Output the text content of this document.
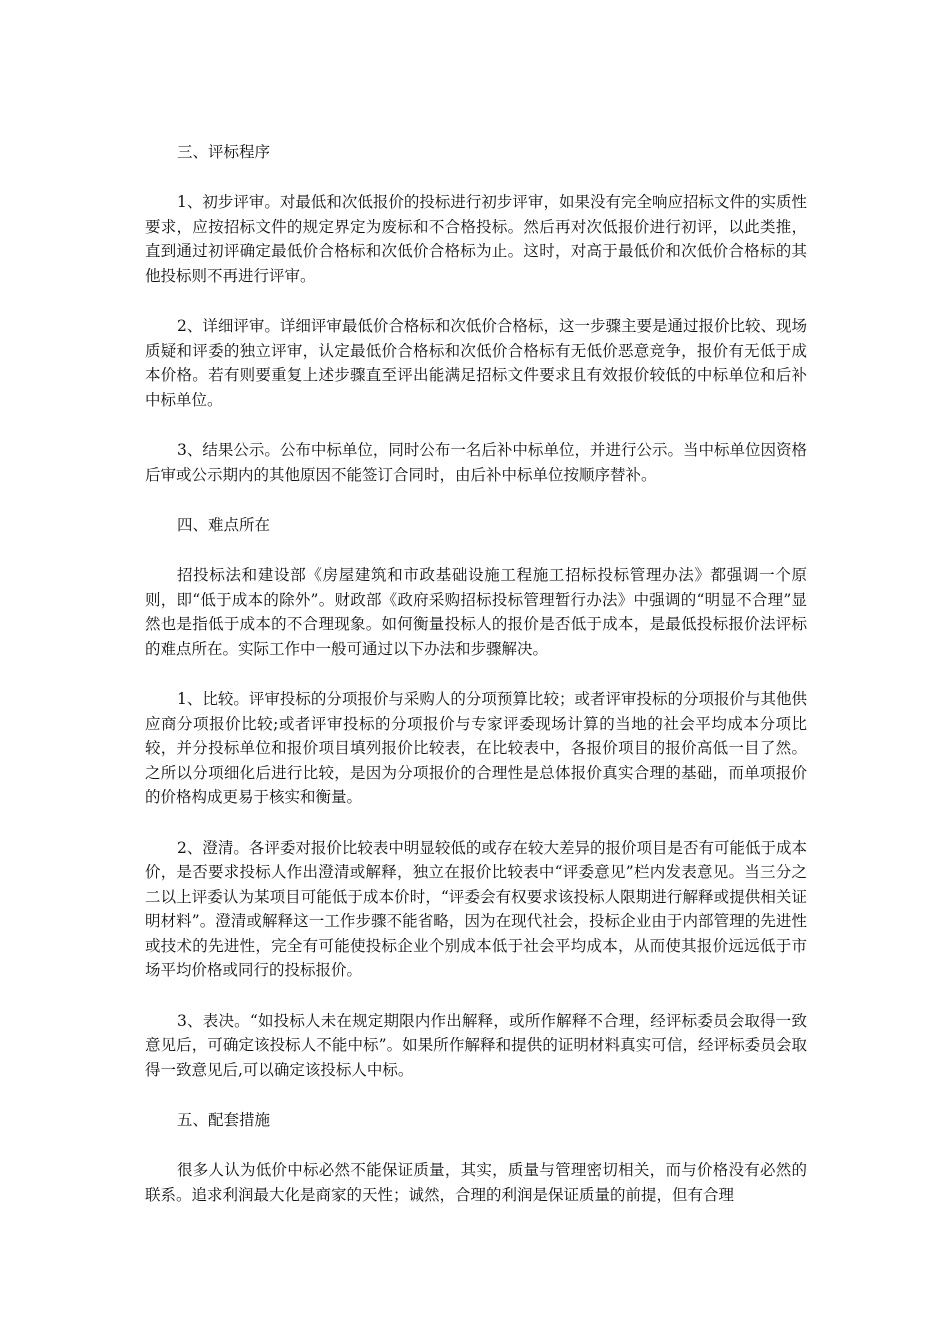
三、评标程序

1、初步评审。对最低和次低报价的投标进行初步评审，如果没有完全响应招标文件的实质性要求，应按招标文件的规定界定为废标和不合格投标。然后再对次低报价进行初评，以此类推，直到通过初评确定最低价合格标和次低价合格标为止。这时，对高于最低价和次低价合格标的其他投标则不再进行评审。

2、详细评审。详细评审最低价合格标和次低价合格标，这一步骤主要是通过报价比较、现场质疑和评委的独立评审，认定最低价合格标和次低价合格标有无低价恶意竞争，报价有无低于成本价格。若有则要重复上述步骤直至评出能满足招标文件要求且有效报价较低的中标单位和后补中标单位。

3、结果公示。公布中标单位，同时公布一名后补中标单位，并进行公示。当中标单位因资格后审或公示期内的其他原因不能签订合同时，由后补中标单位按顺序替补。

四、难点所在

招投标法和建设部《房屋建筑和市政基础设施工程施工招标投标管理办法》都强调一个原则，即“低于成本的除外”。财政部《政府采购招标投标管理暂行办法》中强调的“明显不合理”显然也是指低于成本的不合理现象。如何衡量投标人的报价是否低于成本，是最低投标报价法评标的难点所在。实际工作中一般可通过以下办法和步骤解决。

1、比较。评审投标的分项报价与采购人的分项预算比较；或者评审投标的分项报价与其他供应商分项报价比较;或者评审投标的分项报价与专家评委现场计算的当地的社会平均成本分项比较，并分投标单位和报价项目填列报价比较表，在比较表中，各报价项目的报价高低一目了然。之所以分项细化后进行比较，是因为分项报价的合理性是总体报价真实合理的基础，而单项报价的价格构成更易于核实和衡量。

2、澄清。各评委对报价比较表中明显较低的或存在较大差异的报价项目是否有可能低于成本价，是否要求投标人作出澄清或解释，独立在报价比较表中“评委意见”栏内发表意见。当三分之二以上评委认为某项目可能低于成本价时，“评委会有权要求该投标人限期进行解释或提供相关证明材料”。澄清或解释这一工作步骤不能省略，因为在现代社会，投标企业由于内部管理的先进性或技术的先进性，完全有可能使投标企业个别成本低于社会平均成本，从而使其报价远远低于市场平均价格或同行的投标报价。

3、表决。“如投标人未在规定期限内作出解释，或所作解释不合理，经评标委员会取得一致意见后，可确定该投标人不能中标”。如果所作解释和提供的证明材料真实可信，经评标委员会取得一致意见后,可以确定该投标人中标。

五、配套措施

很多人认为低价中标必然不能保证质量，其实，质量与管理密切相关，而与价格没有必然的联系。追求利润最大化是商家的天性；诚然，合理的利润是保证质量的前提，但有合理
